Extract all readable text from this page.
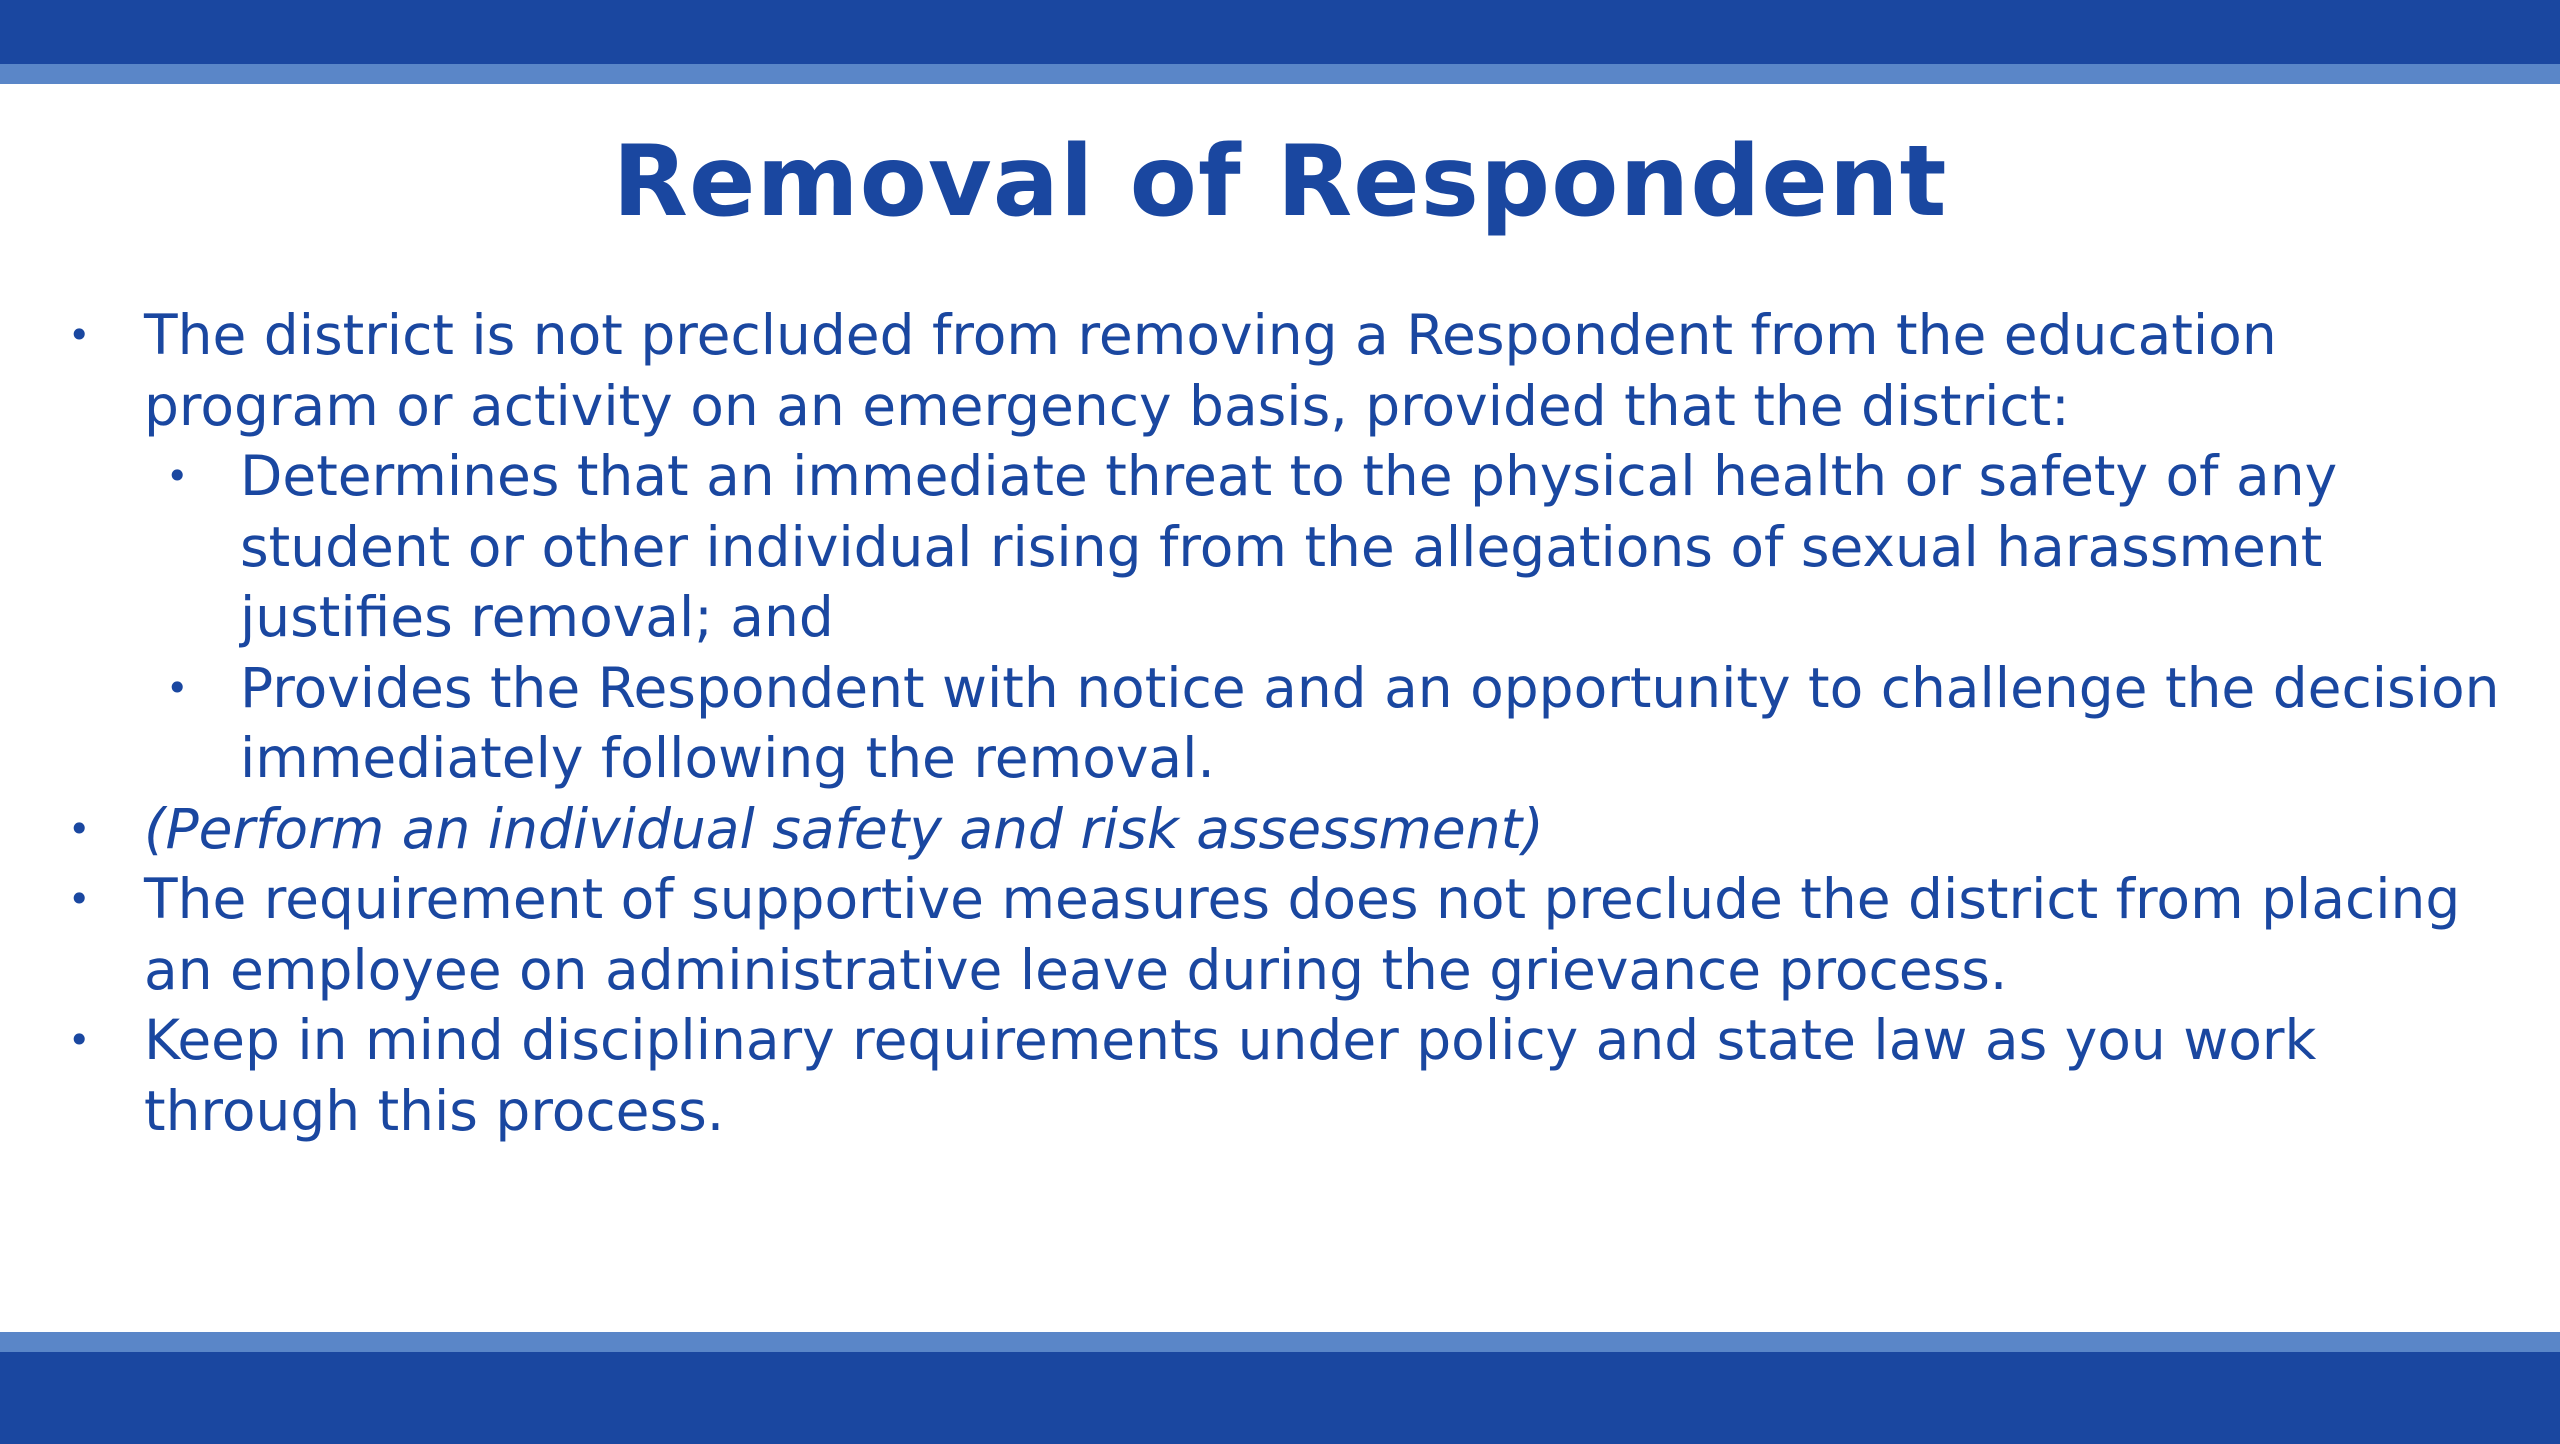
Removal of Respondent
• The district is not precluded from removing a Respondent from the education program or activity on an emergency basis, provided that the district:
• Determines that an immediate threat to the physical health or safety of any student or other individual rising from the allegations of sexual harassment justifies removal; and
• Provides the Respondent with notice and an opportunity to challenge the decision immediately following the removal.
• (Perform an individual safety and risk assessment)
• The requirement of supportive measures does not preclude the district from placing an employee on administrative leave during the grievance process.
• Keep in mind disciplinary requirements under policy and state law as you work through this process.
